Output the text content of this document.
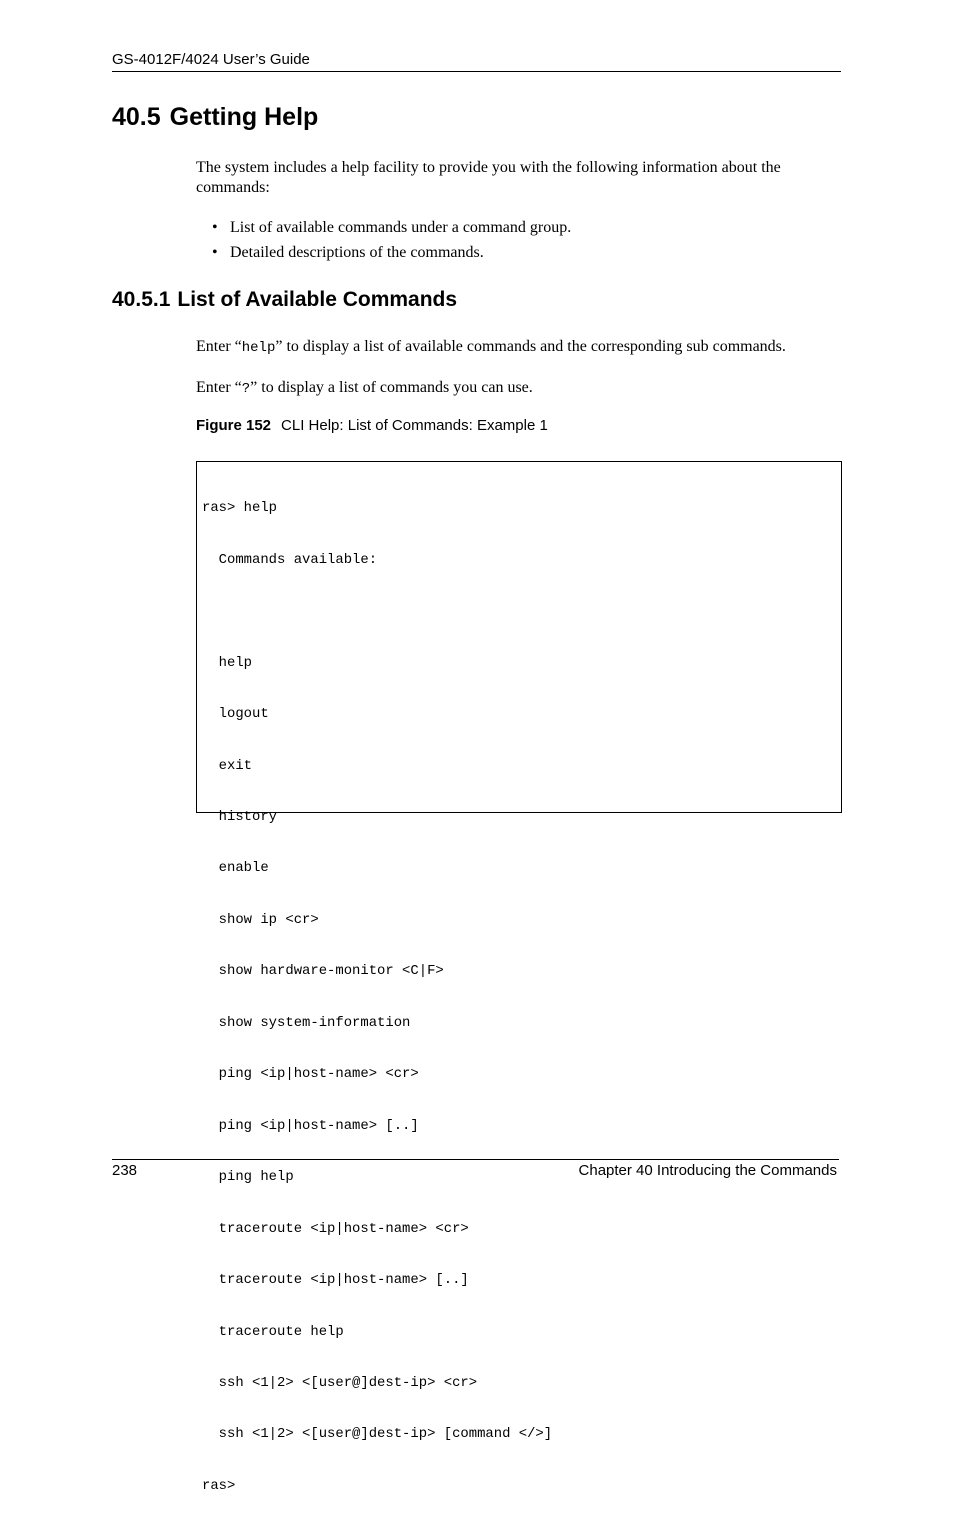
GS-4012F/4024 User’s Guide
40.5 Getting Help

The system includes a help facility to provide you with the following information about the commands:

• List of available commands under a command group.
• Detailed descriptions of the commands.
40.5.1 List of Available Commands

Enter “help” to display a list of available commands and the corresponding sub commands.

Enter “?” to display a list of commands you can use.

Figure 152 CLI Help: List of Commands: Example 1

ras> help

Commands available:

help

logout

exit

history

enable

show ip <cr>

show hardware-monitor <C|F>

show system-information

ping <ip|host-name> <cr>

ping <ip|host-name> [..]

ping help

traceroute <ip|host-name> <cr>

traceroute <ip|host-name> [..]

traceroute help

ssh <1|2> <[user@]dest-ip> <cr>

ssh <1|2> <[user@]dest-ip> [command </>]

ras>

238	Chapter 40 Introducing the Commands
